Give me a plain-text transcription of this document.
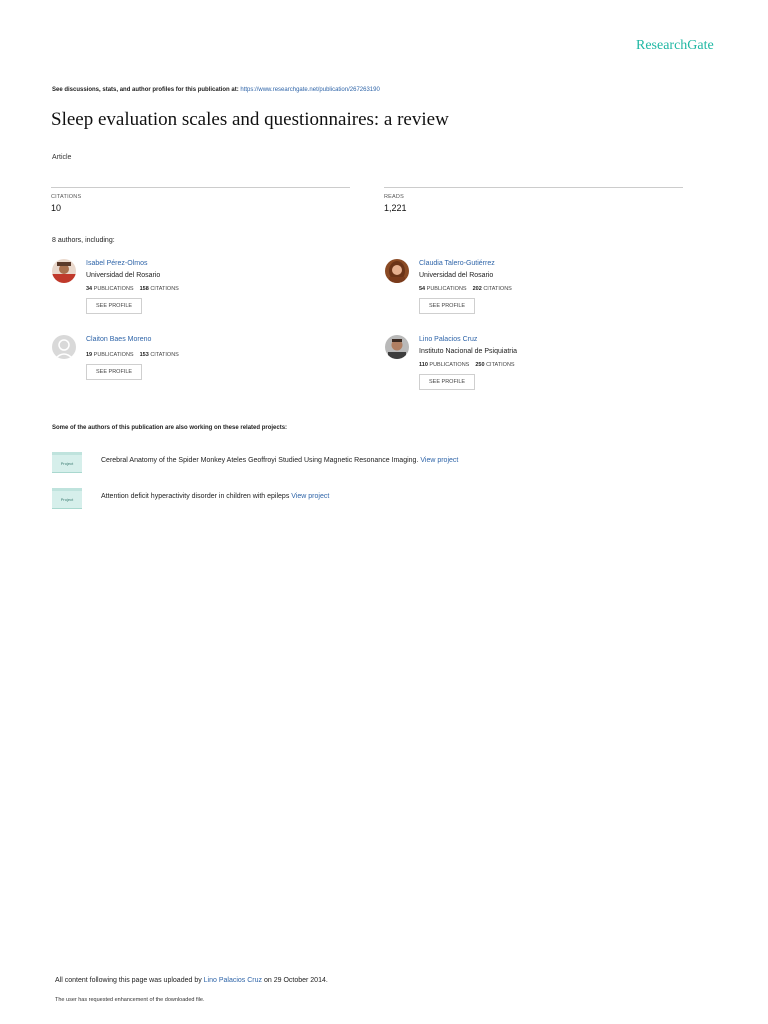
ResearchGate
See discussions, stats, and author profiles for this publication at: https://www.researchgate.net/publication/267263190
Sleep evaluation scales and questionnaires: a review
Article
CITATIONS
10
READS
1,221
8 authors, including:
Isabel Pérez-Olmos
Universidad del Rosario
34 PUBLICATIONS 158 CITATIONS
SEE PROFILE
Claudia Talero-Gutiérrez
Universidad del Rosario
54 PUBLICATIONS 202 CITATIONS
SEE PROFILE
Claiton Baes Moreno
19 PUBLICATIONS 153 CITATIONS
SEE PROFILE
Lino Palacios Cruz
Instituto Nacional de Psiquiatria
110 PUBLICATIONS 250 CITATIONS
SEE PROFILE
Some of the authors of this publication are also working on these related projects:
Project	Cerebral Anatomy of the Spider Monkey Ateles Geoffroyi Studied Using Magnetic Resonance Imaging. View project
Project	Attention deficit hyperactivity disorder in children with epileps View project
All content following this page was uploaded by Lino Palacios Cruz on 29 October 2014.
The user has requested enhancement of the downloaded file.
